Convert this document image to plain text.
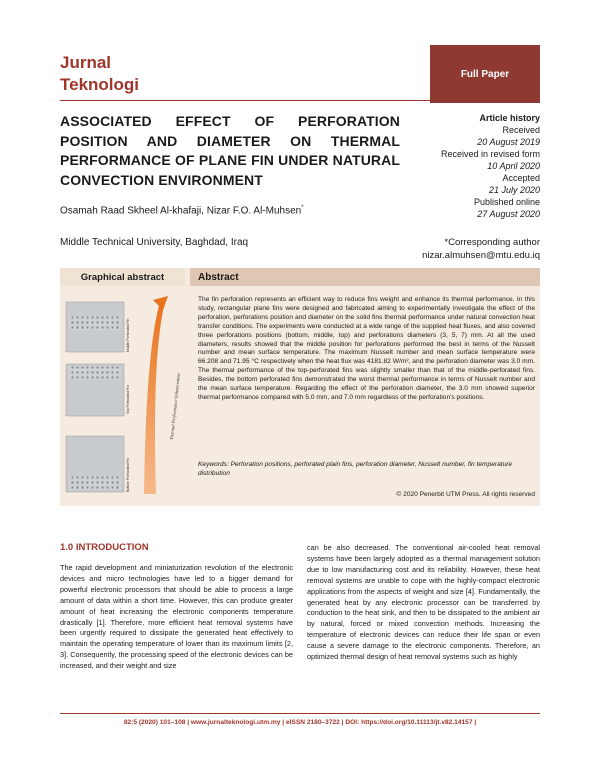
Jurnal
Teknologi
Full Paper
ASSOCIATED EFFECT OF PERFORATION POSITION AND DIAMETER ON THERMAL PERFORMANCE OF PLANE FIN UNDER NATURAL CONVECTION ENVIRONMENT
Osamah Raad Skheel Al-khafaji, Nizar F.O. Al-Muhsen*
Middle Technical University, Baghdad, Iraq
Article history
Received
20 August 2019
Received in revised form
10 April 2020
Accepted
21 July 2020
Published online
27 August 2020
*Corresponding author
nizar.almuhsen@mtu.edu.iq
Graphical abstract	Abstract
Middle Perforated Fin
Top Perforated Fin
Bottom Perforated Fin
Thermal Performance Enhancement
The fin perforation represents an efficient way to reduce fins weight and enhance its thermal performance. In this study, rectangular plane fins were designed and fabricated aiming to experimentally investigate the effect of the perforation, perforations position and diameter on the solid fins thermal performance under natural convection heat transfer conditions. The experiments were conducted at a wide range of the supplied heat fluxes, and also covered three perforations positions (bottom, middle, top) and perforations diameters (3, 5, 7) mm. At all the used diameters, results showed that the middle position for perforations performed the best in terms of the Nusselt number and mean surface temperature. The maximum Nusselt number and mean surface temperature were 66.208 and 71.95 °C respectively when the heat flux was 4181.82 W/m², and the perforation diameter was 3.0 mm. The thermal performance of the top-perforated fins was slightly smaller than that of the middle-perforated fins. Besides, the bottom perforated fins demonstrated the worst thermal performance in terms of Nusselt number and the mean surface temperature. Regarding the effect of the perforation diameter, the 3.0 mm showed superior thermal performance compared with 5.0 mm, and 7.0 mm regardless of the perforation's positions.
Keywords: Perforation positions, perforated plain fins, perforation diameter, Nusselt number, fin temperature distribution
© 2020 Penerbit UTM Press. All rights reserved
1.0 INTRODUCTION
The rapid development and miniaturization revolution of the electronic devices and micro technologies have led to a bigger demand for powerful electronic processors that should be able to process a large amount of data within a short time. However, this can produce greater amount of heat increasing the electronic components temperature drastically [1]. Therefore, more efficient heat removal systems have been urgently required to dissipate the generated heat effectively to maintain the operating temperature of lower than its maximum limits [2, 3]. Consequently, the processing speed of the electronic devices can be increased, and their weight and size
can be also decreased. The conventional air-cooled heat removal systems have been largely adopted as a thermal management solution due to low manufacturing cost and its reliability. However, these heat removal systems are unable to cope with the highly-compact electronic applications from the aspects of weight and size [4]. Fundamentally, the generated heat by any electronic processor can be transferred by conduction to the heat sink, and then to be dissipated to the ambient air by natural, forced or mixed convection methods. Increasing the temperature of electronic devices can reduce their life span or even cause a severe damage to the electronic components. Therefore, an optimized thermal design of heat removal systems such as highly
82:5 (2020) 101–108 | www.jurnalteknologi.utm.my | eISSN 2180–3722 | DOI: https://doi.org/10.11113/jt.v82.14157 |
